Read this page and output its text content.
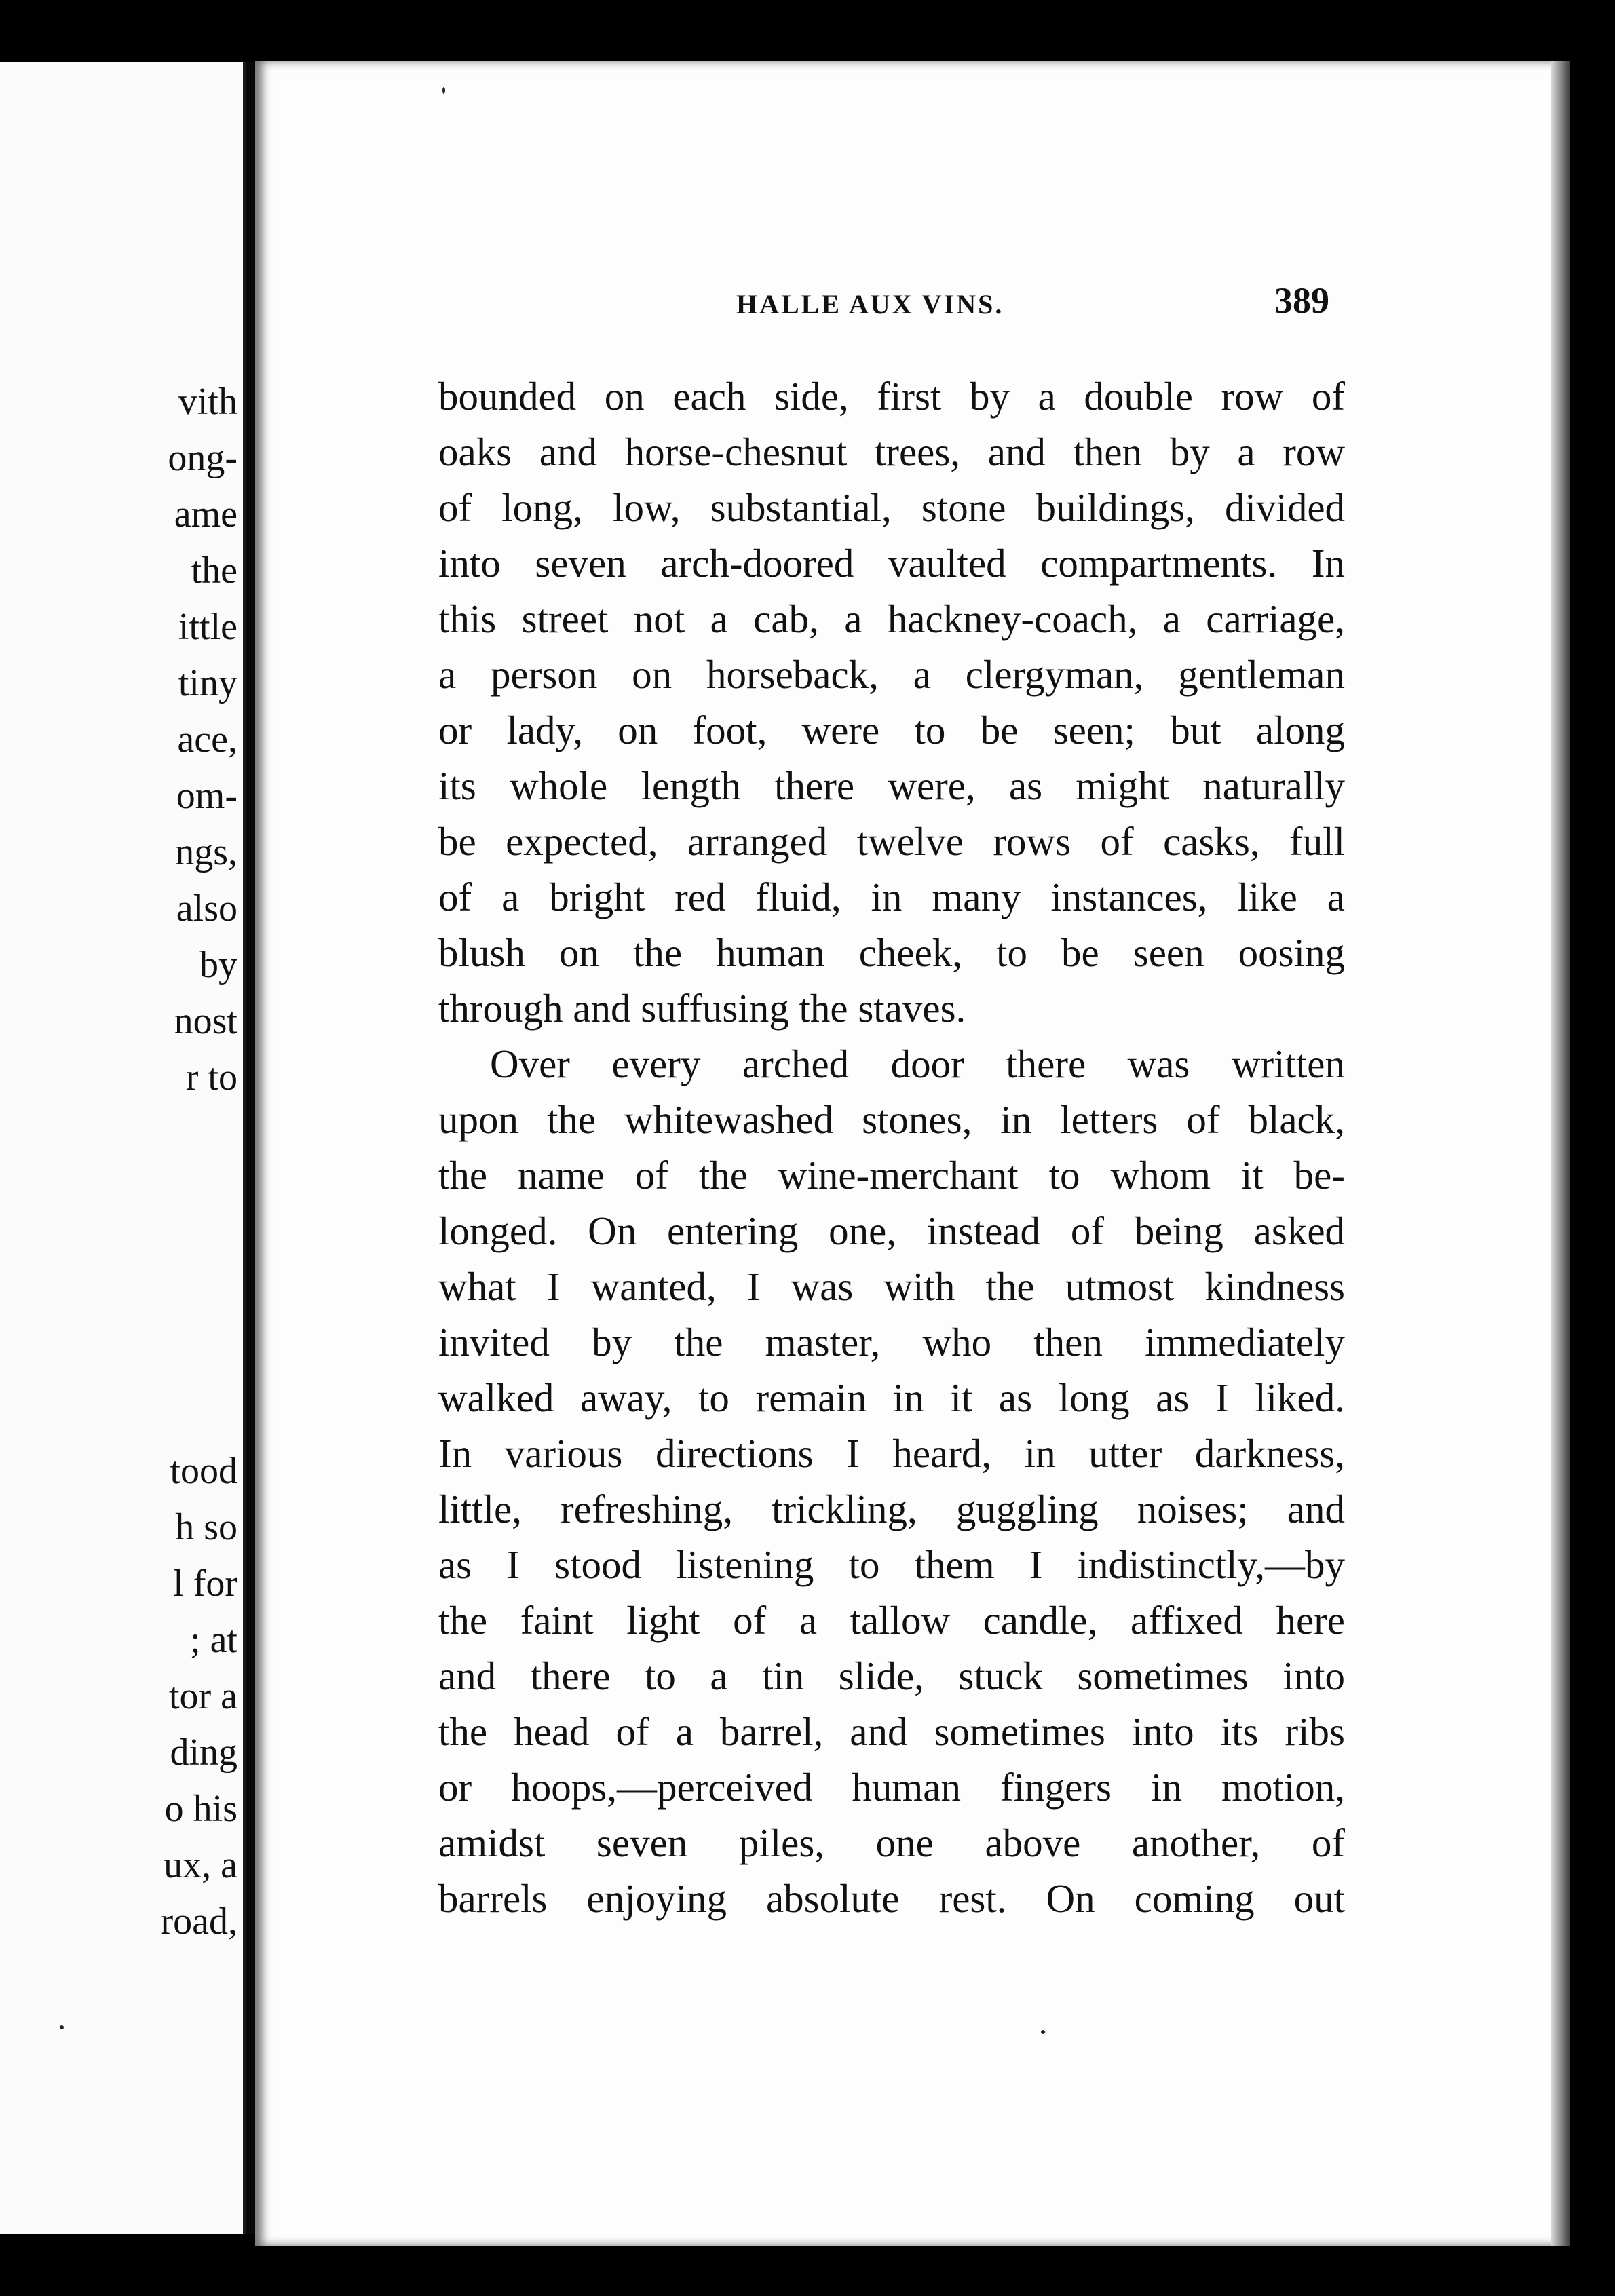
vith
ong-
ame
the
ittle
tiny
ace,
om-
ngs,
also
by
nost
r to
tood
h so
l for
; at
tor a
ding
o his
ux, a
road,
HALLE AUX VINS.	389
bounded on each side, first by a double row of
oaks and horse-chesnut trees, and then by a row
of long, low, substantial, stone buildings, divided
into seven arch-doored vaulted compartments. In
this street not a cab, a hackney-coach, a carriage,
a person on horseback, a clergyman, gentleman
or lady, on foot, were to be seen; but along
its whole length there were, as might naturally
be expected, arranged twelve rows of casks, full
of a bright red fluid, in many instances, like a
blush on the human cheek, to be seen oosing
through and suffusing the staves.
Over every arched door there was written
upon the whitewashed stones, in letters of black,
the name of the wine-merchant to whom it be-
longed. On entering one, instead of being asked
what I wanted, I was with the utmost kindness
invited by the master, who then immediately
walked away, to remain in it as long as I liked.
In various directions I heard, in utter darkness,
little, refreshing, trickling, guggling noises; and
as I stood listening to them I indistinctly,—by
the faint light of a tallow candle, affixed here
and there to a tin slide, stuck sometimes into
the head of a barrel, and sometimes into its ribs
or hoops,—perceived human fingers in motion,
amidst seven piles, one above another, of
barrels enjoying absolute rest. On coming out
